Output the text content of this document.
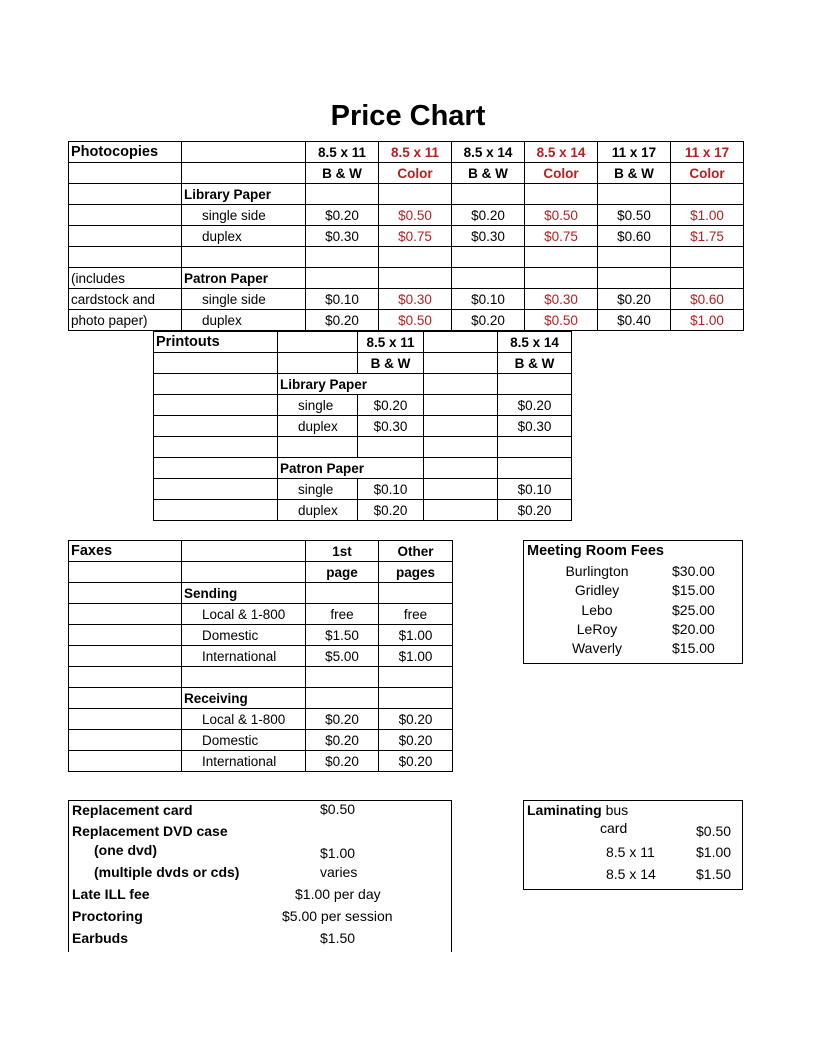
Price Chart
Photocopies		8.5 x 11	8.5 x 11	8.5 x 14	8.5 x 14	11 x 17	11 x 17
		B & W	Color	B & W	Color	B & W	Color
	Library Paper						
	single side	$0.20	$0.50	$0.20	$0.50	$0.50	$1.00
	duplex	$0.30	$0.75	$0.30	$0.75	$0.60	$1.75

(includes	Patron Paper						
cardstock and	single side	$0.10	$0.30	$0.10	$0.30	$0.20	$0.60
photo paper)	duplex	$0.20	$0.50	$0.20	$0.50	$0.40	$1.00
Printouts		8.5 x 11		8.5 x 14
		B & W		B & W
	Library Paper			
	single	$0.20		$0.20
	duplex	$0.30		$0.30

	Patron Paper			
	single	$0.10		$0.10
	duplex	$0.20		$0.20
Faxes		1st	Other
		page	pages
	Sending		
	Local & 1-800	free	free
	Domestic	$1.50	$1.00
	International	$5.00	$1.00

	Receiving		
	Local & 1-800	$0.20	$0.20
	Domestic	$0.20	$0.20
	International	$0.20	$0.20
Meeting Room Fees
Burlington	$30.00
Gridley	$15.00
Lebo	$25.00
LeRoy	$20.00
Waverly	$15.00
Replacement card	$0.50
Replacement DVD case
(one dvd)	$1.00
(multiple dvds or cds)	varies
Late ILL fee	$1.00 per day
Proctoring	$5.00 per session
Earbuds	$1.50
Laminating bus
card	$0.50
8.5 x 11	$1.00
8.5 x 14	$1.50
